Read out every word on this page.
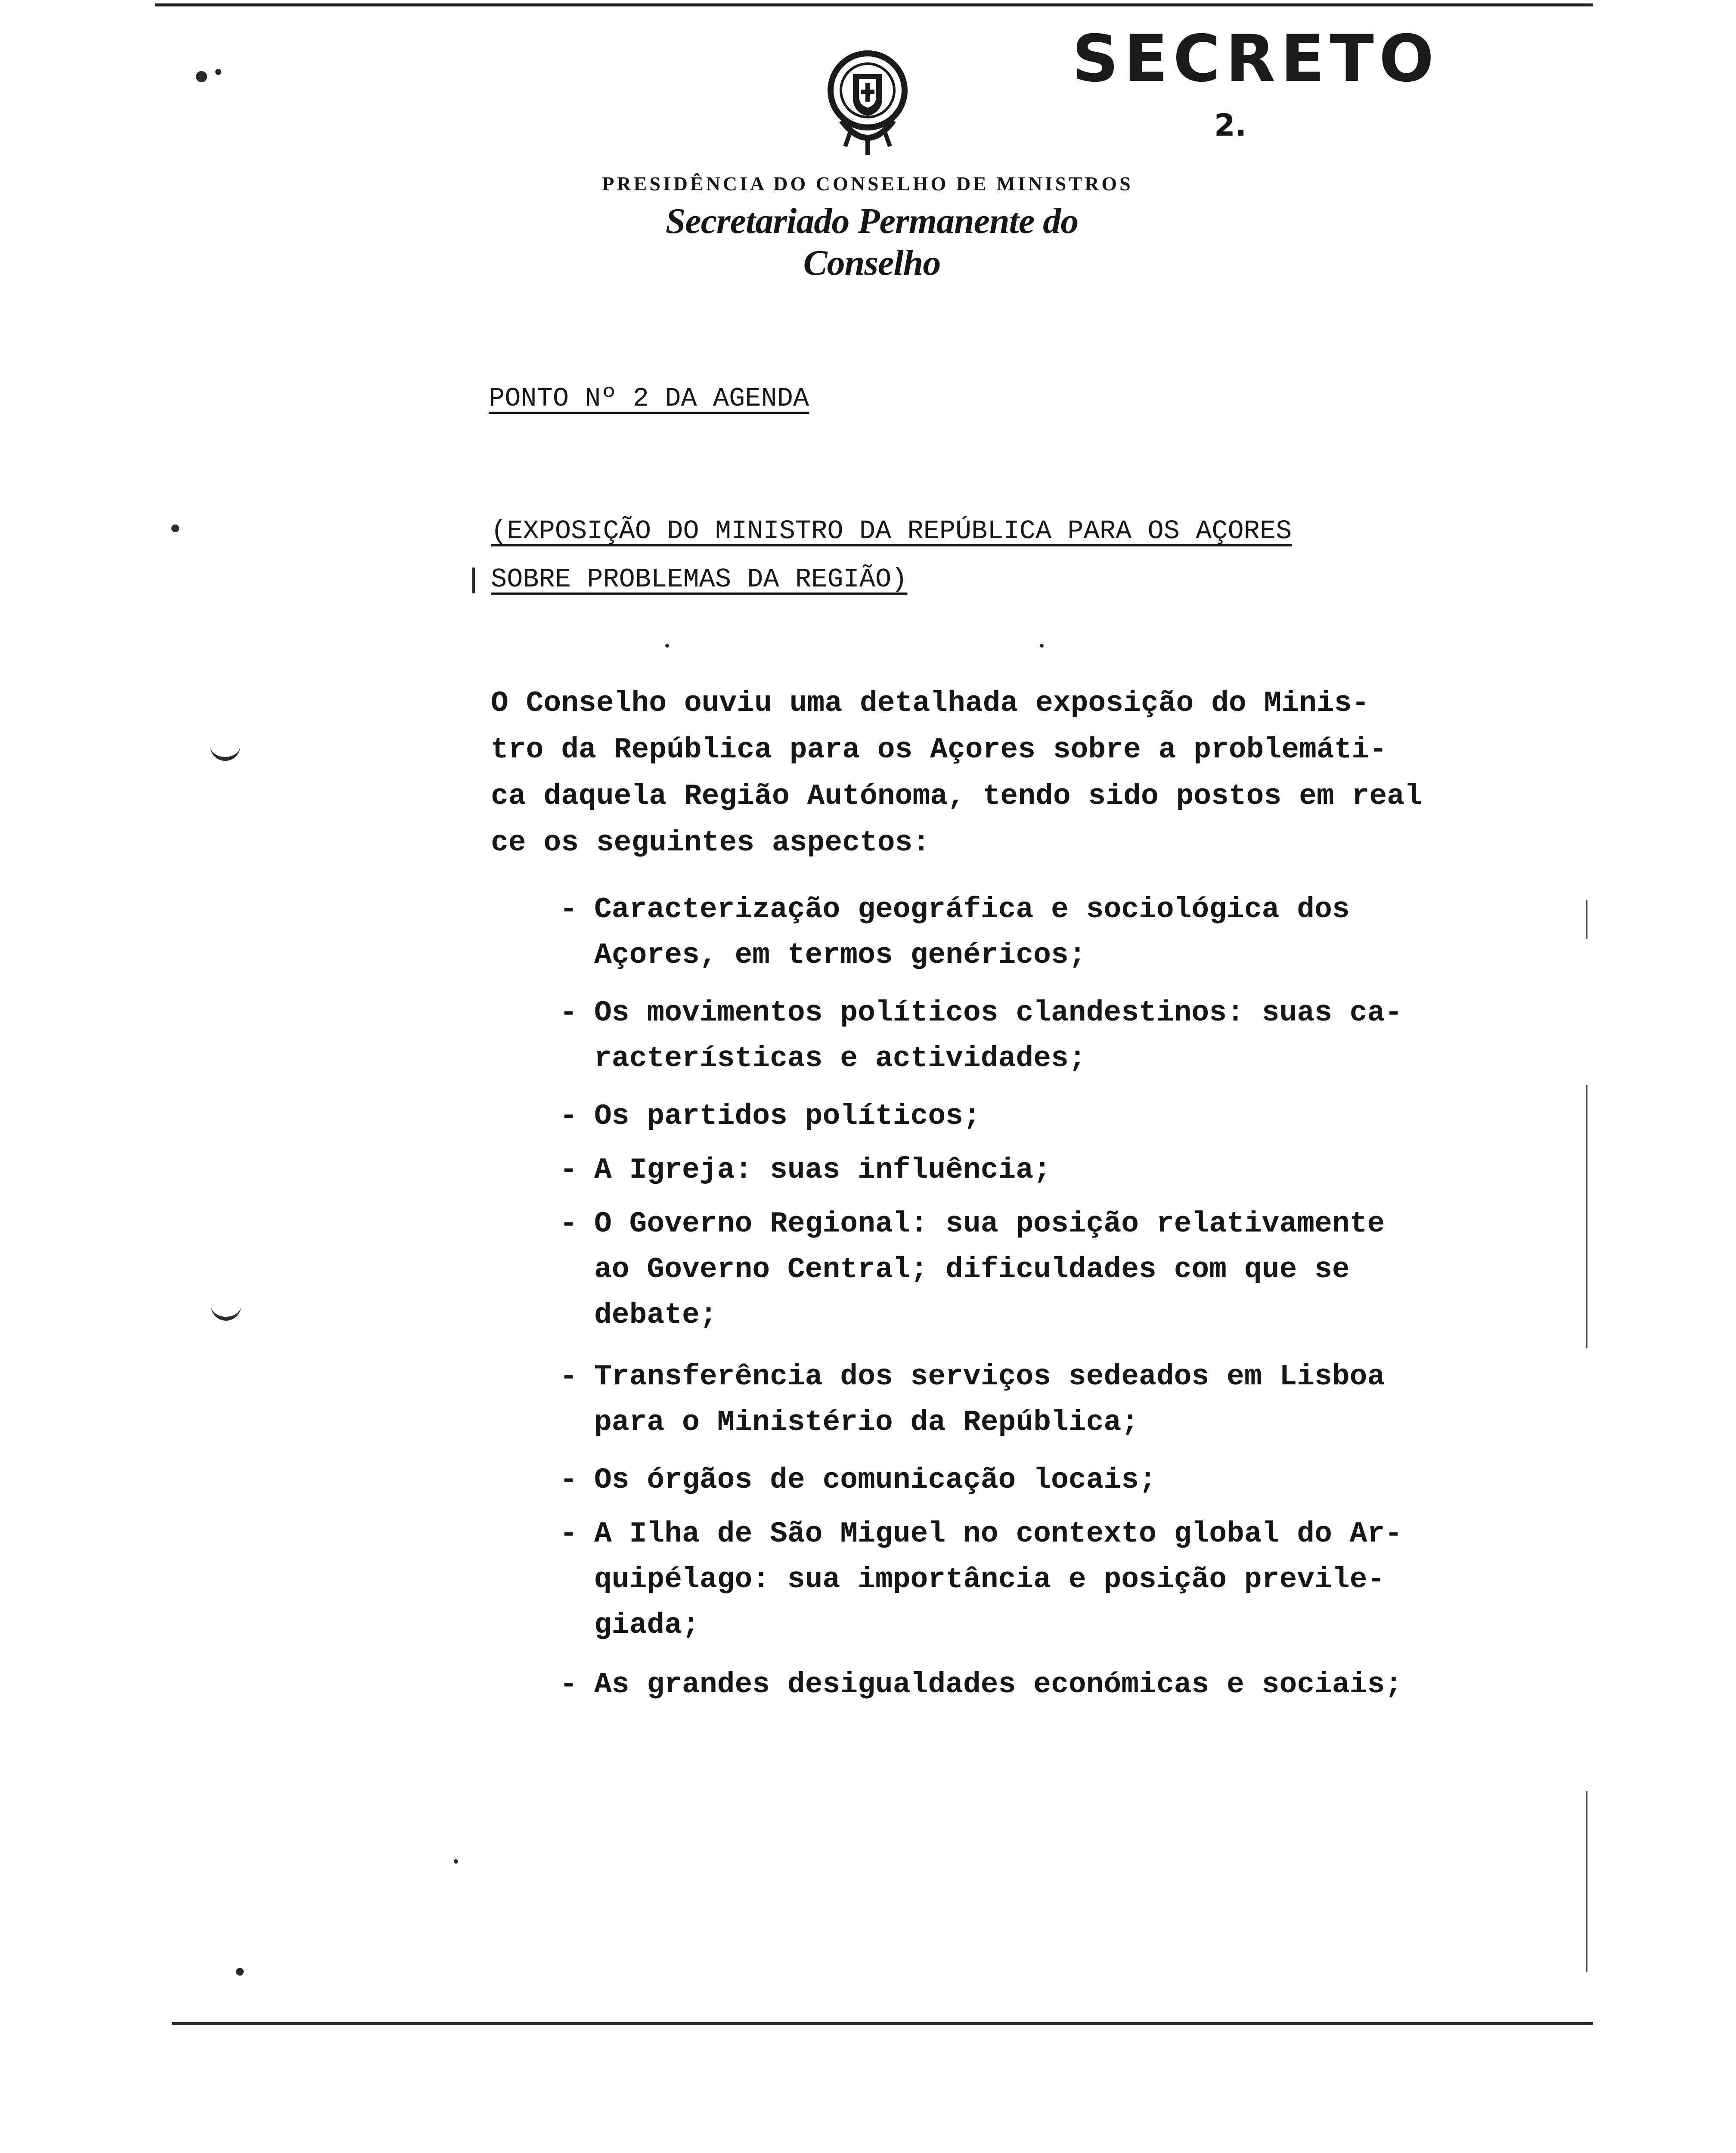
SECRETO
2.
PRESIDÊNCIA DO CONSELHO DE MINISTROS
Secretariado Permanente do Conselho
PONTO Nº 2 DA AGENDA
(EXPOSIÇÃO DO MINISTRO DA REPÚBLICA PARA OS AÇORES
SOBRE PROBLEMAS DA REGIÃO)
O Conselho ouviu uma detalhada exposição do Minis-
tro da República para os Açores sobre a problemáti-
ca daquela Região Autónoma, tendo sido postos em real
ce os seguintes aspectos:
- Caracterização geográfica e sociológica dos
Açores, em termos genéricos;
- Os movimentos políticos clandestinos: suas ca-
racterísticas e actividades;
- Os partidos políticos;
- A Igreja: suas influência;
- O Governo Regional: sua posição relativamente
ao Governo Central; dificuldades com que se
debate;
- Transferência dos serviços sedeados em Lisboa
para o Ministério da República;
- Os órgãos de comunicação locais;
- A Ilha de São Miguel no contexto global do Ar-
quipélago: sua importância e posição previle-
giada;
- As grandes desigualdades económicas e sociais;
